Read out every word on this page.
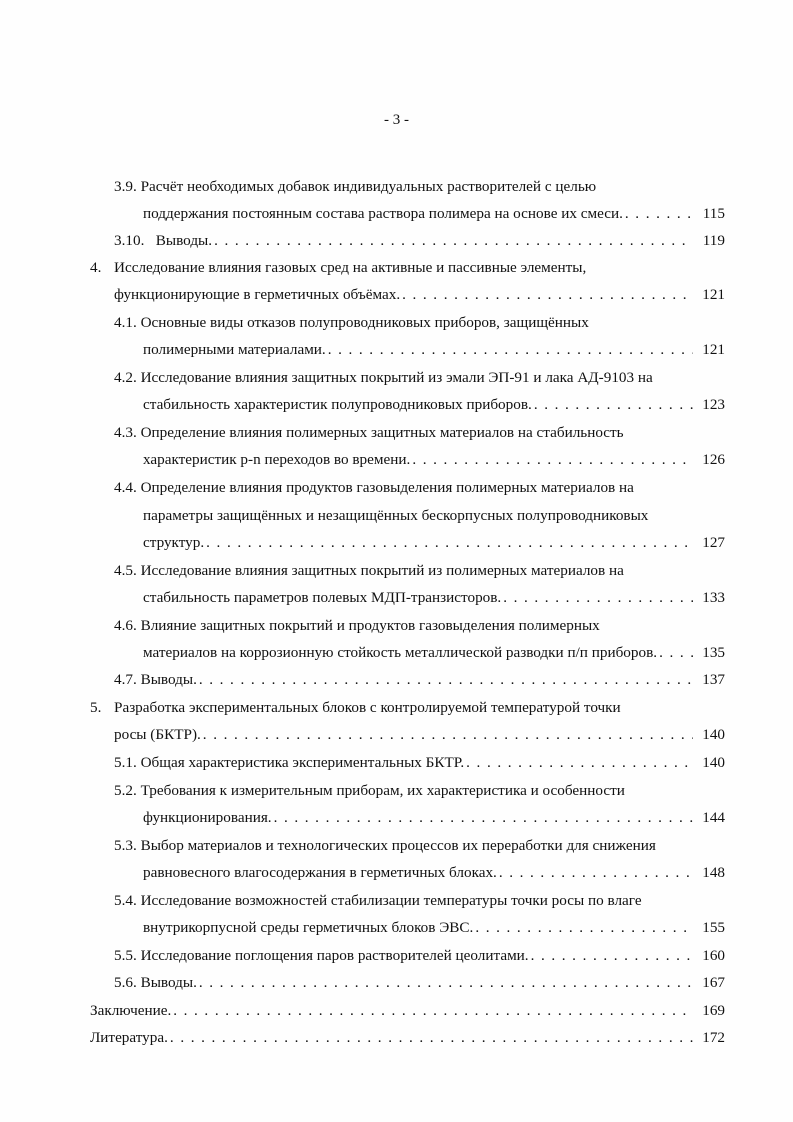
- 3 -
3.9. Расчёт необходимых добавок индивидуальных растворителей с целью
поддержания постоянным состава раствора полимера на основе их смеси. . . .	115
3.10. Выводы. . . .	119
4. Исследование влияния газовых сред на активные и пассивные элементы,
функционирующие в герметичных объёмах. . . .	121
4.1. Основные виды отказов полупроводниковых приборов, защищённых
полимерными материалами. . . .	121
4.2. Исследование влияния защитных покрытий из эмали ЭП-91 и лака АД-9103 на
стабильность характеристик полупроводниковых приборов. . . .	123
4.3. Определение влияния полимерных защитных материалов на стабильность
характеристик p-n переходов во времени. . . .	126
4.4. Определение влияния продуктов газовыделения полимерных материалов на
параметры защищённых и незащищённых бескорпусных полупроводниковых
структур. . . .	127
4.5. Исследование влияния защитных покрытий из полимерных материалов на
стабильность параметров полевых МДП-транзисторов. . . .	133
4.6. Влияние защитных покрытий и продуктов газовыделения полимерных
материалов на коррозионную стойкость металлической разводки п/п приборов. . . .	135
4.7. Выводы. . . .	137
5. Разработка экспериментальных блоков с контролируемой температурой точки
росы (БКТР). . . .	140
5.1. Общая характеристика экспериментальных БКТР. . . .	140
5.2. Требования к измерительным приборам, их характеристика и особенности
функционирования. . . .	144
5.3. Выбор материалов и технологических процессов их переработки для снижения
равновесного влагосодержания в герметичных блоках. . . .	148
5.4. Исследование возможностей стабилизации температуры точки росы по влаге
внутрикорпусной среды герметичных блоков ЭВС. . . .	155
5.5. Исследование поглощения паров растворителей цеолитами. . . .	160
5.6. Выводы. . . .	167
Заключение. . . .	169
Литература. . . .	172
